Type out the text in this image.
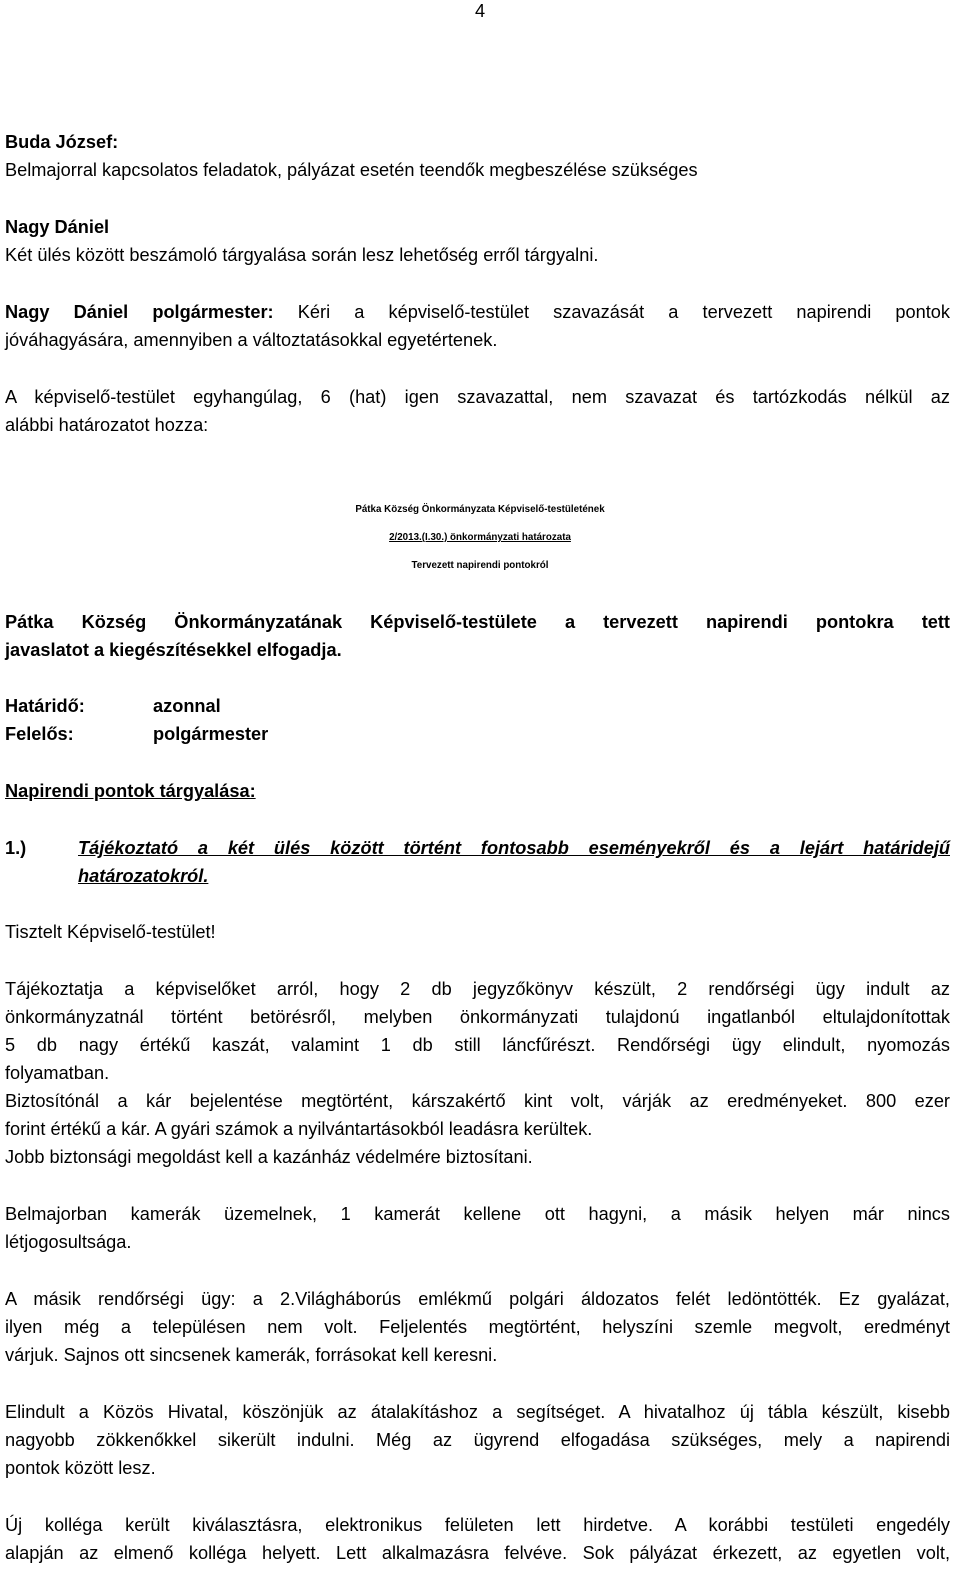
4
Buda József:
Belmajorral kapcsolatos feladatok, pályázat esetén teendők megbeszélése szükséges
Nagy Dániel
Két ülés között beszámoló tárgyalása során lesz lehetőség erről tárgyalni.
Nagy Dániel polgármester: Kéri a képviselő-testület szavazását a tervezett napirendi pontok
jóváhagyására, amennyiben a változtatásokkal egyetértenek.
A képviselő-testület egyhangúlag, 6 (hat) igen szavazattal, nem szavazat és tartózkodás nélkül az
alábbi határozatot hozza:
Pátka Község Önkormányzata Képviselő-testületének
2/2013.(I.30.) önkormányzati határozata
Tervezett napirendi pontokról
Pátka Község Önkormányzatának Képviselő-testülete a tervezett napirendi pontokra tett
javaslatot a kiegészítésekkel elfogadja.
Határidő:	azonnal
Felelős:	polgármester
Napirendi pontok tárgyalása:
1.)	Tájékoztató a két ülés között történt fontosabb eseményekről és a lejárt határidejű
határozatokról.
Tisztelt Képviselő-testület!
Tájékoztatja a képviselőket arról, hogy 2 db jegyzőkönyv készült, 2 rendőrségi ügy indult az
önkormányzatnál történt betörésről, melyben önkormányzati tulajdonú ingatlanból eltulajdonítottak
5 db nagy értékű kaszát, valamint 1 db still láncfűrészt. Rendőrségi ügy elindult, nyomozás
folyamatban.
Biztosítónál a kár bejelentése megtörtént, kárszakértő kint volt, várják az eredményeket. 800 ezer
forint értékű a kár. A gyári számok a nyilvántartásokból leadásra kerültek.
Jobb biztonsági megoldást kell a kazánház védelmére biztosítani.
Belmajorban kamerák üzemelnek, 1 kamerát kellene ott hagyni, a másik helyen már nincs
létjogosultsága.
A másik rendőrségi ügy: a 2.Világháborús emlékmű polgári áldozatos felét ledöntötték. Ez gyalázat,
ilyen még a településen nem volt. Feljelentés megtörtént, helyszíni szemle megvolt, eredményt
várjuk. Sajnos ott sincsenek kamerák, forrásokat kell keresni.
Elindult a Közös Hivatal, köszönjük az átalakításhoz a segítséget. A hivatalhoz új tábla készült, kisebb
nagyobb zökkenőkkel sikerült indulni. Még az ügyrend elfogadása szükséges, mely a napirendi
pontok között lesz.
Új kolléga került kiválasztásra, elektronikus felületen lett hirdetve. A korábbi testületi engedély
alapján az elmenő kolléga helyett. Lett alkalmazásra felvéve. Sok pályázat érkezett, az egyetlen volt,
